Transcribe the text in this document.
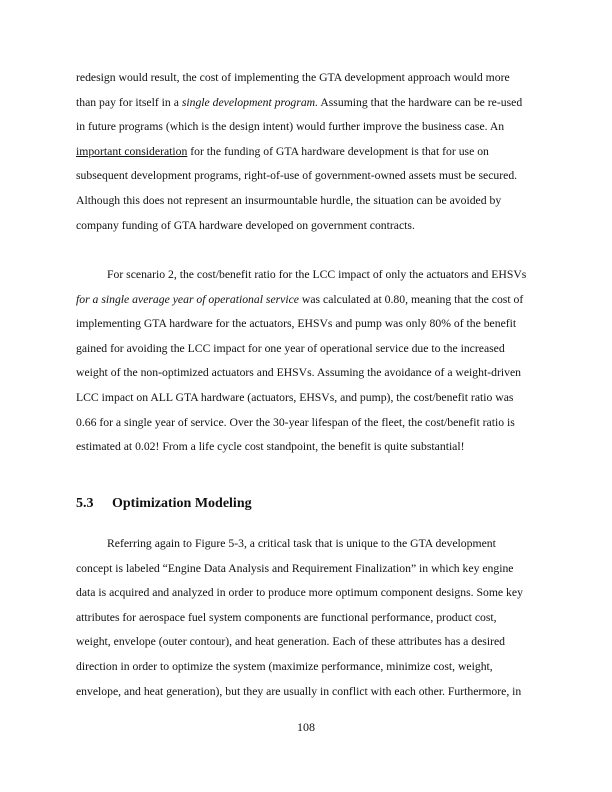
redesign would result, the cost of implementing the GTA development approach would more
than pay for itself in a single development program. Assuming that the hardware can be re-used
in future programs (which is the design intent) would further improve the business case. An
important consideration for the funding of GTA hardware development is that for use on
subsequent development programs, right-of-use of government-owned assets must be secured.
Although this does not represent an insurmountable hurdle, the situation can be avoided by
company funding of GTA hardware developed on government contracts.
For scenario 2, the cost/benefit ratio for the LCC impact of only the actuators and EHSVs
for a single average year of operational service was calculated at 0.80, meaning that the cost of
implementing GTA hardware for the actuators, EHSVs and pump was only 80% of the benefit
gained for avoiding the LCC impact for one year of operational service due to the increased
weight of the non-optimized actuators and EHSVs. Assuming the avoidance of a weight-driven
LCC impact on ALL GTA hardware (actuators, EHSVs, and pump), the cost/benefit ratio was
0.66 for a single year of service. Over the 30-year lifespan of the fleet, the cost/benefit ratio is
estimated at 0.02! From a life cycle cost standpoint, the benefit is quite substantial!
5.3 Optimization Modeling
Referring again to Figure 5-3, a critical task that is unique to the GTA development
concept is labeled “Engine Data Analysis and Requirement Finalization” in which key engine
data is acquired and analyzed in order to produce more optimum component designs. Some key
attributes for aerospace fuel system components are functional performance, product cost,
weight, envelope (outer contour), and heat generation. Each of these attributes has a desired
direction in order to optimize the system (maximize performance, minimize cost, weight,
envelope, and heat generation), but they are usually in conflict with each other. Furthermore, in
108
